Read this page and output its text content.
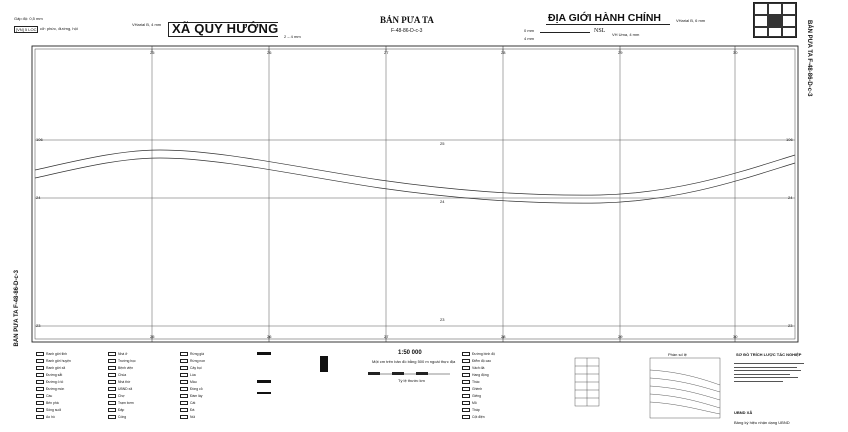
Gấp độ: 0,5 mm
[VN] 5 LOC cỡ: phức, đường, hội
VHarial B, 4 mm XÃ QUY HƯỚNG
2 – 4 mm
BẢN PƯA TA
F-48-86-D-c-3
ĐỊA GIỚI HÀNH CHÍNH	VHarial B, 6 mm
0 mm
4 mm
NSL
VH Uma, 4 mm	BẢN PƯA TA F-48-86-D-c-3
BẢN PƯA TA F-48-86-D-c-3
25	26	27	28	29	30
25	26	27	28	29	30
106
24
23
106
24
23
25
24
23
Ranh giới tỉnh
Ranh giới huyện
Ranh giới xã
Đường sắt
Đường ô tô
Đường mòn
Cầu
Bến phà
Sông suối
Ao hồ
Nhà ở
Trường học
Bệnh viện
Chùa
Nhà thờ
UBND xã
Chợ
Trạm bơm
Đập
Cống
Rừng già
Rừng non
Cây bụi
Lúa
Màu
Đồng cỏ
Đầm lầy
Cát
Đá
Núi
Đường bình độ
Điểm độ cao
Vách đá
Hang động
Thác
Ghềnh
Giếng
Mỏ
Tháp
Cột điện
1:50 000
Một cm trên bản đồ bằng 500 m ngoài thực địa
Tỷ lệ thước km
Phần số lệ	SƠ ĐỒ TRÍCH LƯỢC TÁC NGHIỆP
UBND XÃ
Bảng ký hiệu nhận dạng UBND
